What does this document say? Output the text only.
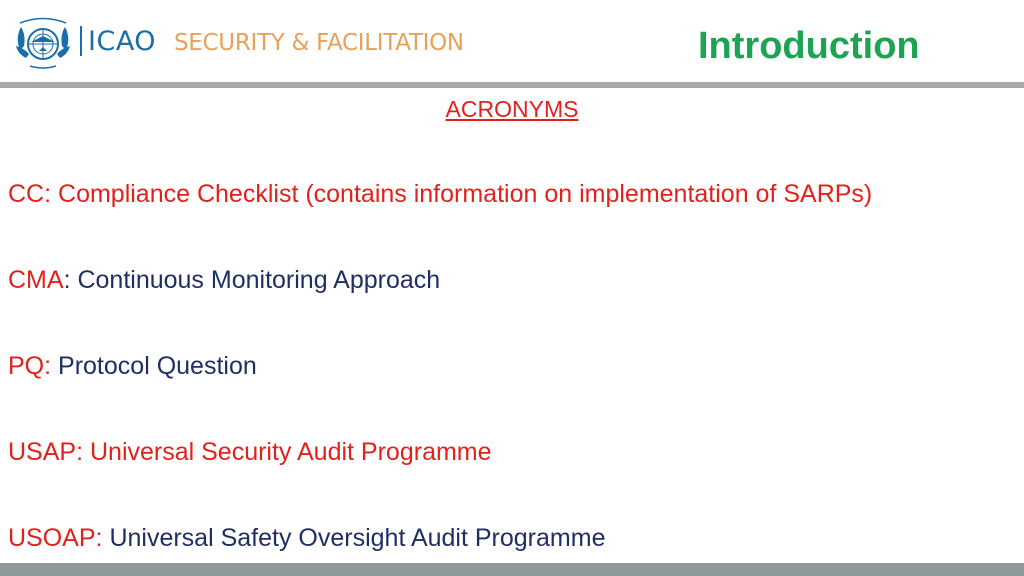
ICAO SECURITY & FACILITATION	Introduction
ACRONYMS
CC: Compliance Checklist (contains information on implementation of SARPs)
CMA: Continuous Monitoring Approach
PQ: Protocol Question
USAP: Universal Security Audit Programme
USOAP: Universal Safety Oversight Audit Programme
